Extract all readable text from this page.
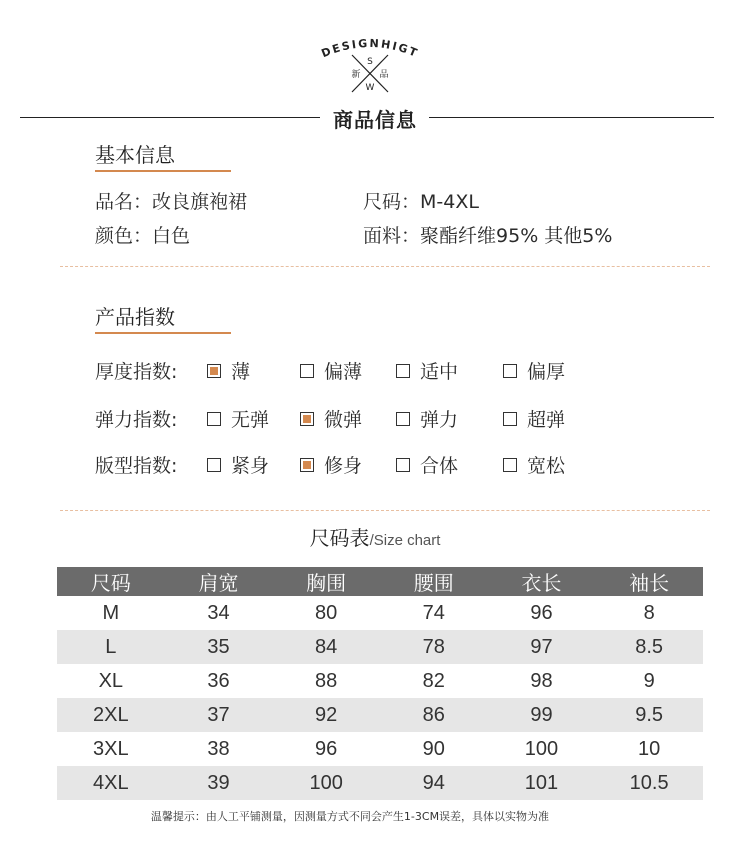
DESIGNHIGT
S
新 品
W
商品信息
基本信息
品名：改良旗袍裙	尺码：M-4XL
颜色：白色	面料：聚酯纤维95% 其他5%
产品指数
厚度指数:	薄	偏薄	适中	偏厚
弹力指数:	无弹	微弹	弹力	超弹
版型指数:	紧身	修身	合体	宽松
尺码表/Size chart
尺码	肩宽	胸围	腰围	衣长	袖长
M	34	80	74	96	8
L	35	84	78	97	8.5
XL	36	88	82	98	9
2XL	37	92	86	99	9.5
3XL	38	96	90	100	10
4XL	39	100	94	101	10.5
温馨提示：由人工平铺测量，因测量方式不同会产生1-3CM误差，具体以实物为准
